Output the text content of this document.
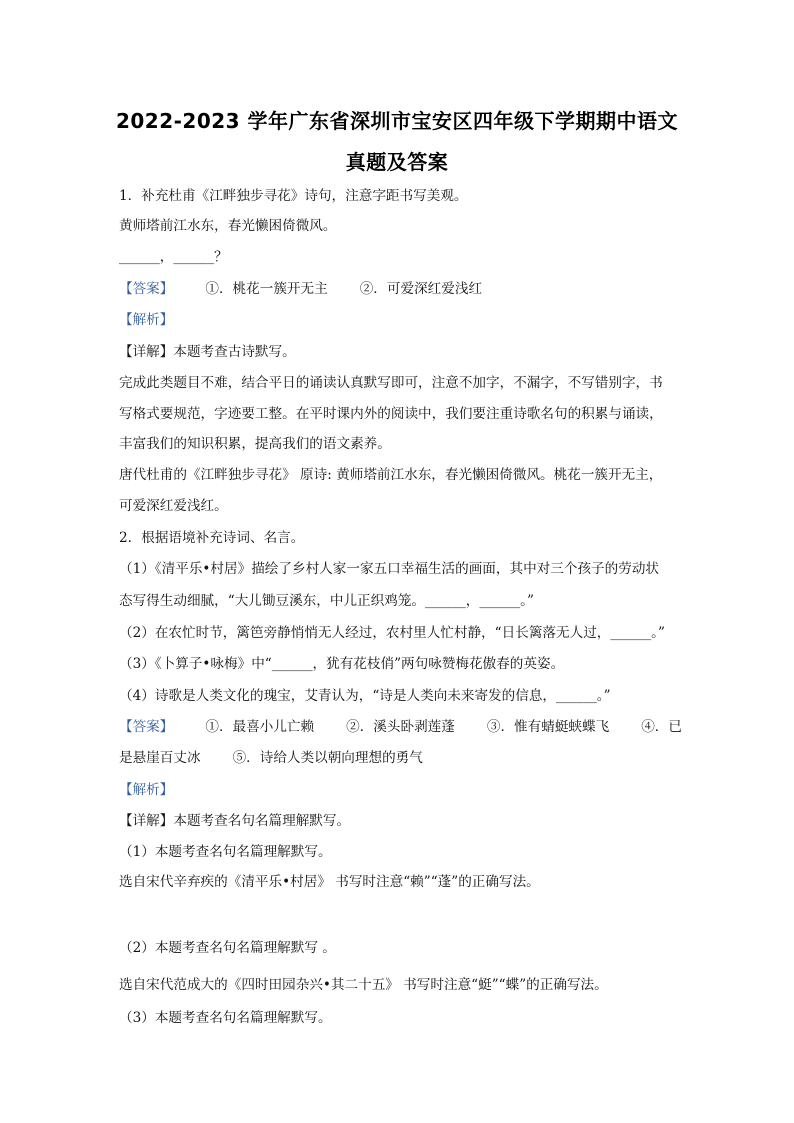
2022-2023 学年广东省深圳市宝安区四年级下学期期中语文
真题及答案
1．补充杜甫《江畔独步寻花》诗句，注意字距书写美观。
黄师塔前江水东，春光懒困倚微风。
______，______？
【答案】 ①．桃花一簇开无主 ②．可爱深红爱浅红
【解析】
【详解】本题考查古诗默写。
完成此类题目不难，结合平日的诵读认真默写即可，注意不加字，不漏字，不写错别字，书
写格式要规范，字迹要工整。在平时课内外的阅读中，我们要注重诗歌名句的积累与诵读，
丰富我们的知识积累，提高我们的语文素养。
唐代杜甫的《江畔独步寻花》 原诗: 黄师塔前江水东，春光懒困倚微风。桃花一簇开无主，
可爱深红爱浅红。
2．根据语境补充诗词、名言。
（1）《清平乐•村居》描绘了乡村人家一家五口幸福生活的画面，其中对三个孩子的劳动状
态写得生动细腻，“大儿锄豆溪东，中儿正织鸡笼。______，______。”
（2）在农忙时节，篱笆旁静悄悄无人经过，农村里人忙村静，“日长篱落无人过，______。”
（3）《卜算子•咏梅》中“______，犹有花枝俏”两句咏赞梅花傲春的英姿。
（4）诗歌是人类文化的瑰宝，艾青认为，“诗是人类向未来寄发的信息，______。”
【答案】 ①．最喜小儿亡赖 ②．溪头卧剥莲蓬 ③．惟有蜻蜓蛱蝶飞 ④．已
是悬崖百丈冰 ⑤．诗给人类以朝向理想的勇气
【解析】
【详解】本题考查名句名篇理解默写。
（1）本题考查名句名篇理解默写。
选自宋代辛弃疾的《清平乐•村居》 书写时注意“赖”“蓬”的正确写法。
（2）本题考查名句名篇理解默写 。
选自宋代范成大的《四时田园杂兴•其二十五》 书写时注意“蜓”“蝶”的正确写法。
（3）本题考查名句名篇理解默写。
